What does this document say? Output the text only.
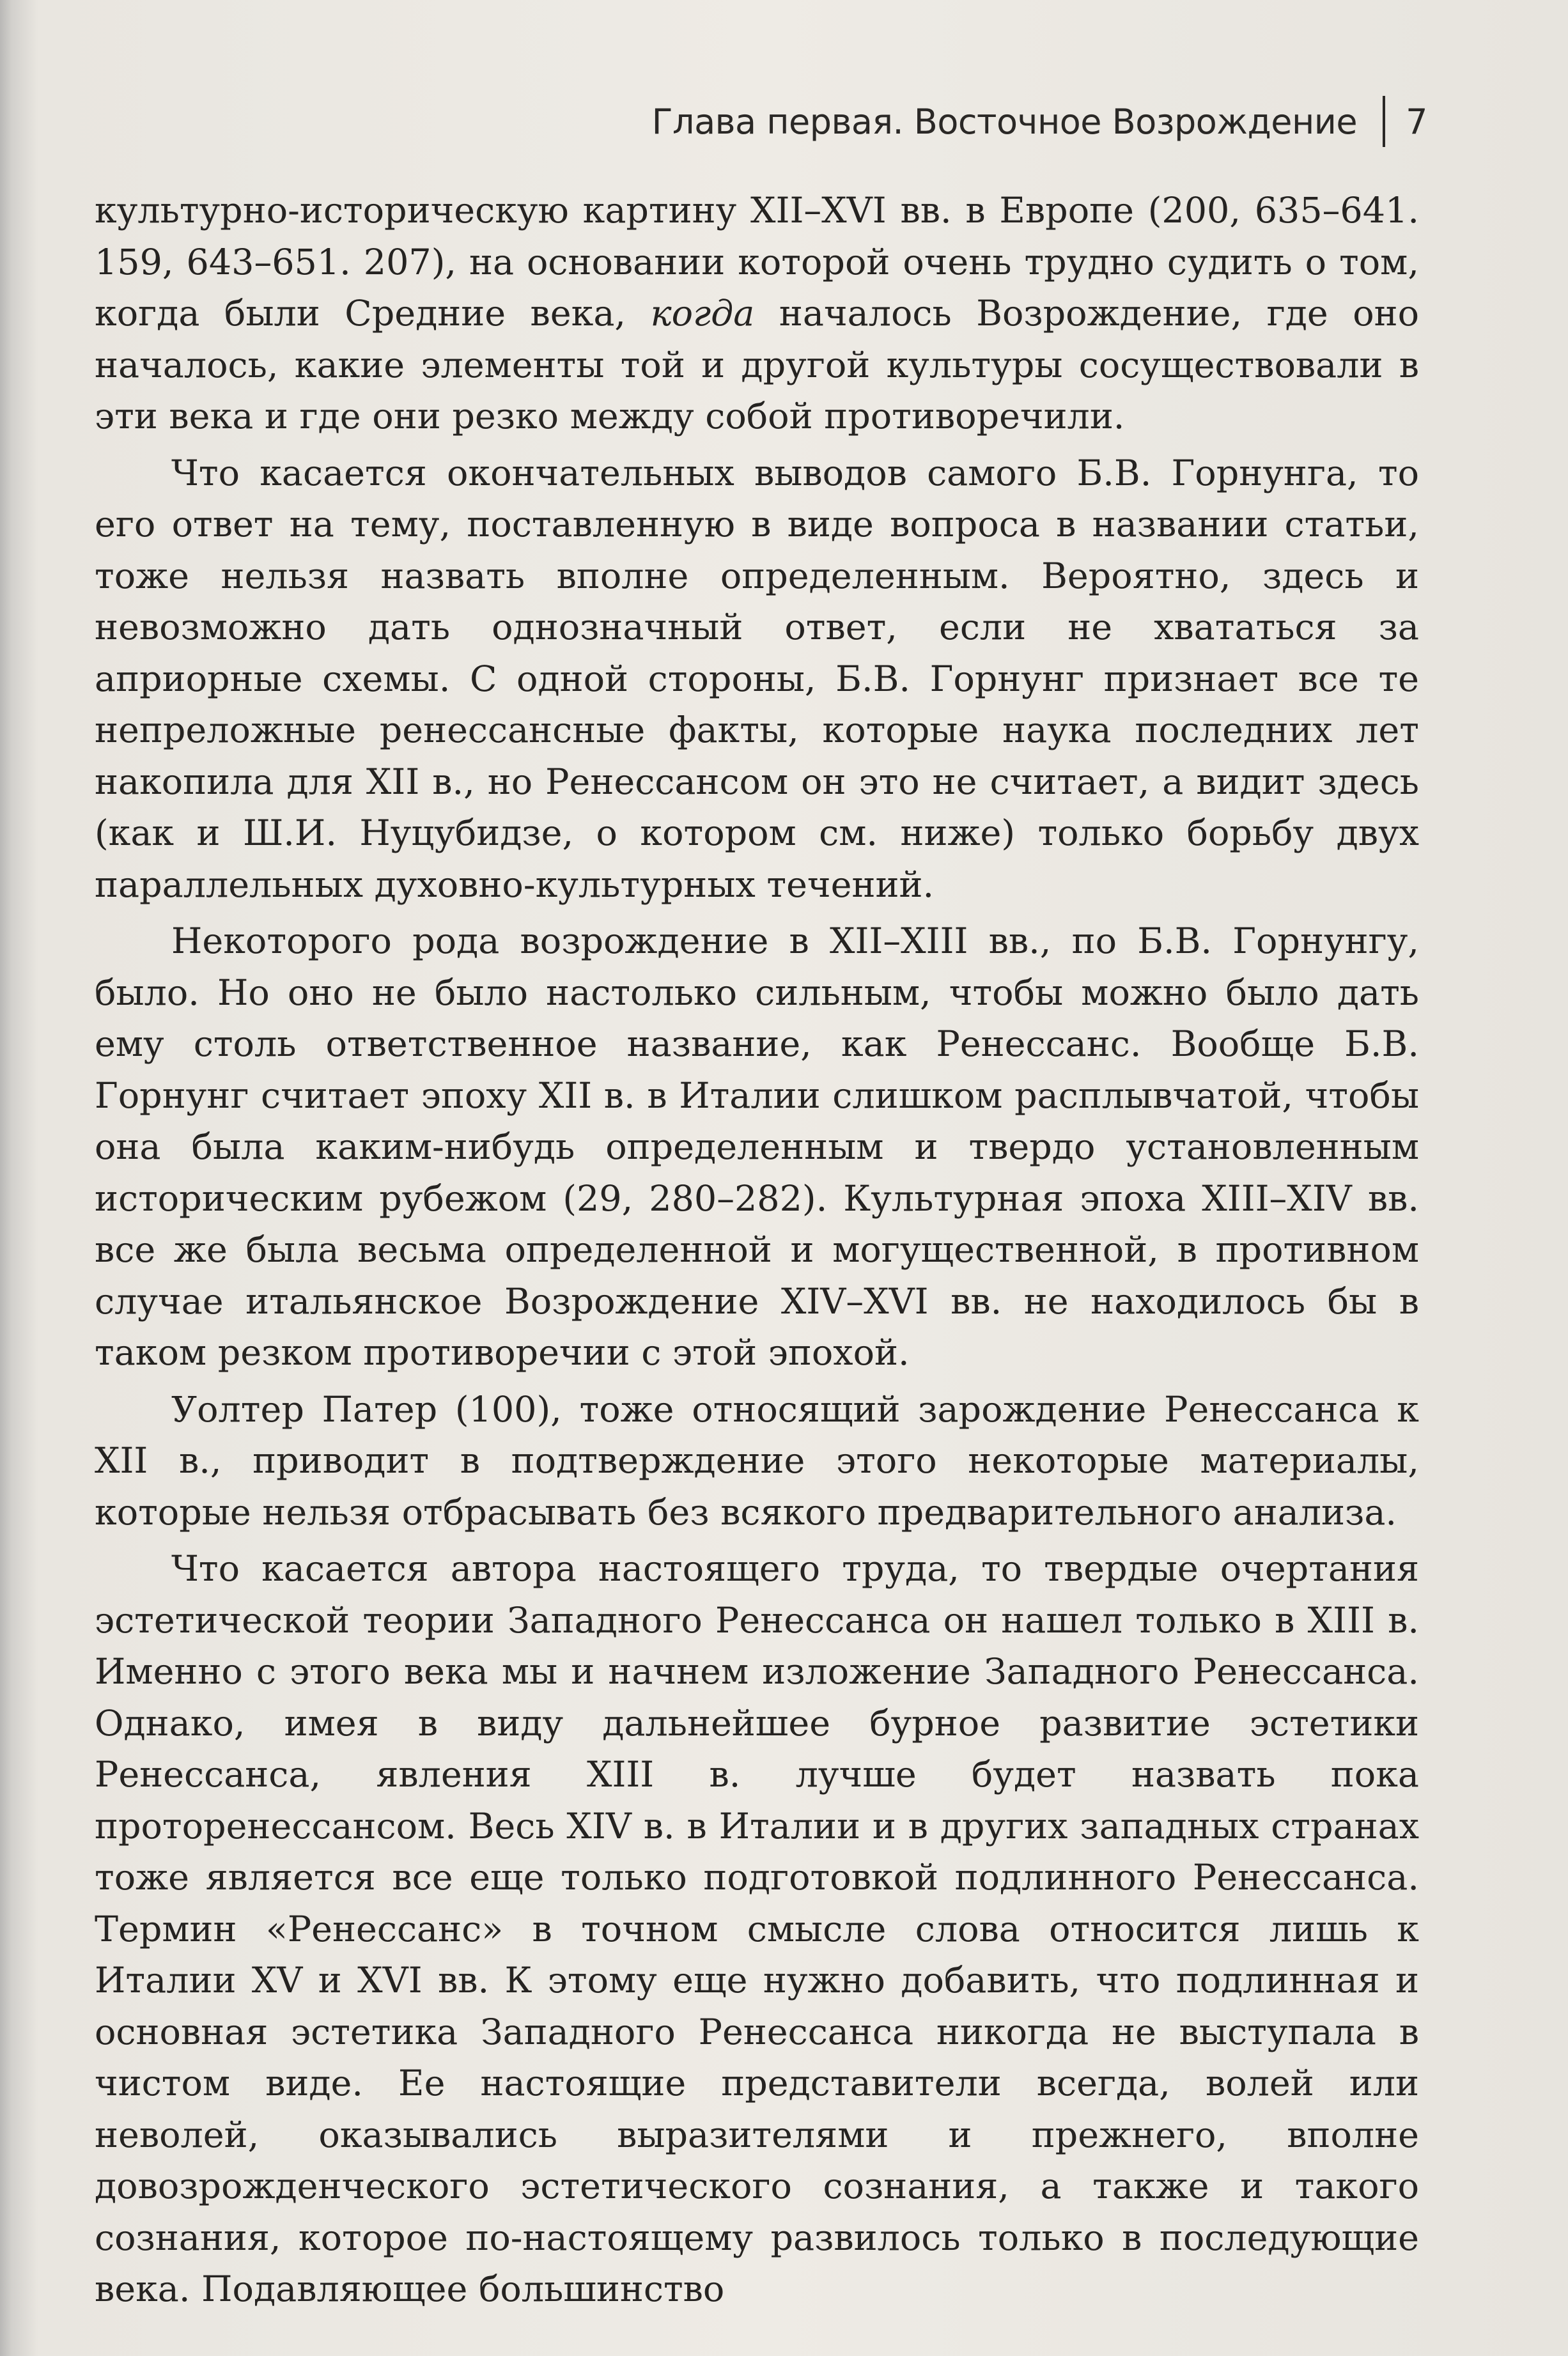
Глава первая. Восточное Возрождение 7

культурно-историческую картину XII–XVI вв. в Европе (200, 635–641. 159, 643–651. 207), на основании которой очень трудно судить о том, когда были Средние века, когда началось Возрождение, где оно началось, какие элементы той и другой культуры сосуществовали в эти века и где они резко между собой противоречили.

Что касается окончательных выводов самого Б.В. Горнунга, то его ответ на тему, поставленную в виде вопроса в названии статьи, тоже нельзя назвать вполне определенным. Вероятно, здесь и невозможно дать однозначный ответ, если не хвататься за априорные схемы. С одной стороны, Б.В. Горнунг признает все те непреложные ренессансные факты, которые наука последних лет накопила для XII в., но Ренессансом он это не считает, а видит здесь (как и Ш.И. Нуцубидзе, о котором см. ниже) только борьбу двух параллельных духовно-культурных течений.

Некоторого рода возрождение в XII–XIII вв., по Б.В. Горнунгу, было. Но оно не было настолько сильным, чтобы можно было дать ему столь ответственное название, как Ренессанс. Вообще Б.В. Горнунг считает эпоху XII в. в Италии слишком расплывчатой, чтобы она была каким-нибудь определенным и твердо установленным историческим рубежом (29, 280–282). Культурная эпоха XIII–XIV вв. все же была весьма определенной и могущественной, в противном случае итальянское Возрождение XIV–XVI вв. не находилось бы в таком резком противоречии с этой эпохой.

Уолтер Патер (100), тоже относящий зарождение Ренессанса к XII в., приводит в подтверждение этого некоторые материалы, которые нельзя отбрасывать без всякого предварительного анализа.

Что касается автора настоящего труда, то твердые очертания эстетической теории Западного Ренессанса он нашел только в XIII в. Именно с этого века мы и начнем изложение Западного Ренессанса. Однако, имея в виду дальнейшее бурное развитие эстетики Ренессанса, явления XIII в. лучше будет назвать пока проторенессансом. Весь XIV в. в Италии и в других западных странах тоже является все еще только подготовкой подлинного Ренессанса. Термин «Ренессанс» в точном смысле слова относится лишь к Италии XV и XVI вв. К этому еще нужно добавить, что подлинная и основная эстетика Западного Ренессанса никогда не выступала в чистом виде. Ее настоящие представители всегда, волей или неволей, оказывались выразителями и прежнего, вполне довозрожденческого эстетического сознания, а также и такого сознания, которое по-настоящему развилось только в последующие века. Подавляющее большинство
